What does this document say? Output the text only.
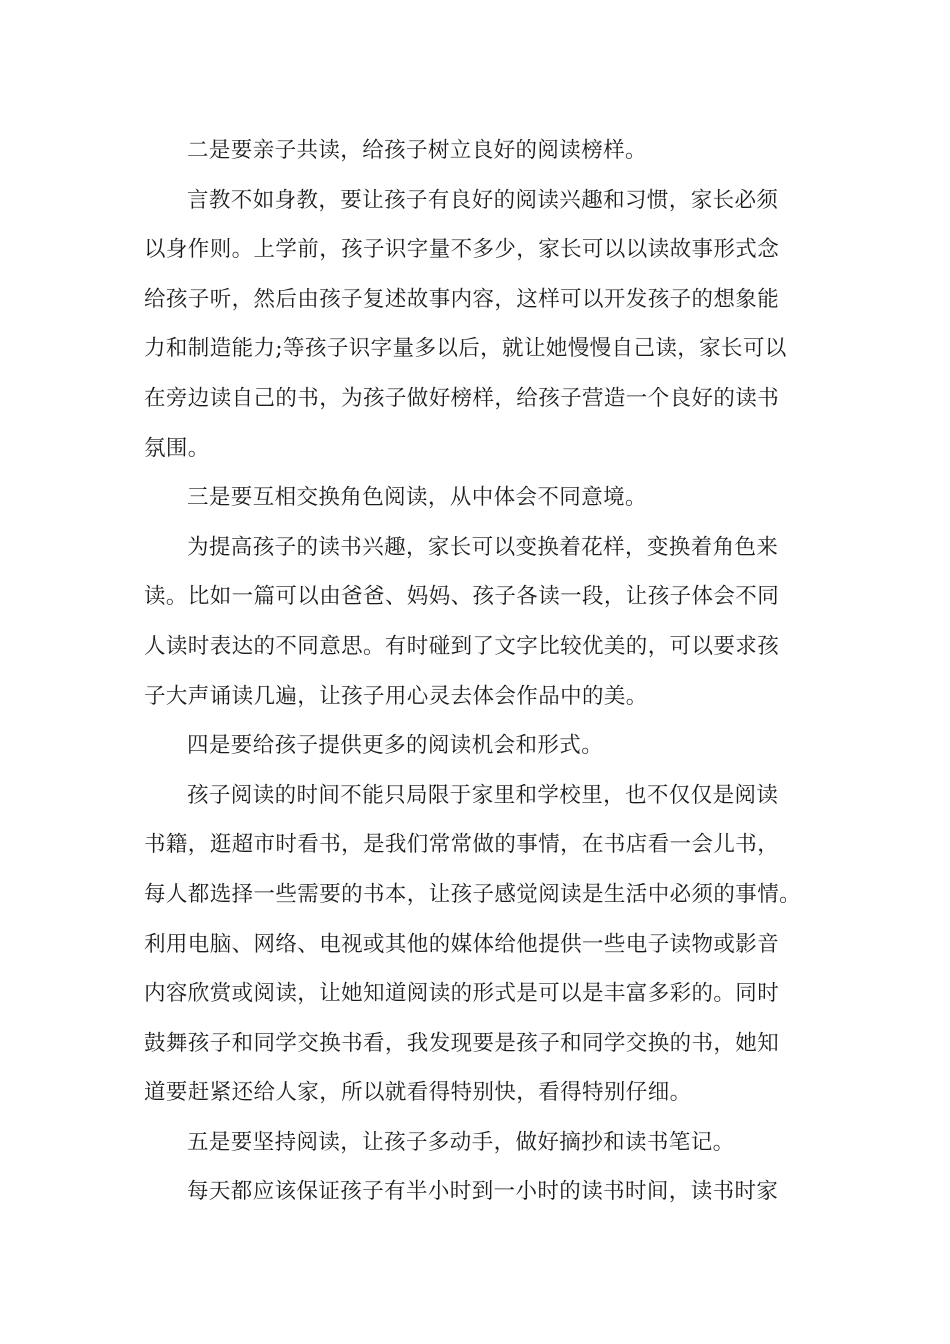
二是要亲子共读，给孩子树立良好的阅读榜样。

言教不如身教，要让孩子有良好的阅读兴趣和习惯，家长必须
以身作则。上学前，孩子识字量不多少，家长可以以读故事形式念
给孩子听，然后由孩子复述故事内容，这样可以开发孩子的想象能
力和制造能力;等孩子识字量多以后，就让她慢慢自己读，家长可以
在旁边读自己的书，为孩子做好榜样，给孩子营造一个良好的读书
氛围。

三是要互相交换角色阅读，从中体会不同意境。

为提高孩子的读书兴趣，家长可以变换着花样，变换着角色来
读。比如一篇可以由爸爸、妈妈、孩子各读一段，让孩子体会不同
人读时表达的不同意思。有时碰到了文字比较优美的，可以要求孩
子大声诵读几遍，让孩子用心灵去体会作品中的美。

四是要给孩子提供更多的阅读机会和形式。

孩子阅读的时间不能只局限于家里和学校里，也不仅仅是阅读
书籍，逛超市时看书，是我们常常做的事情，在书店看一会儿书，
每人都选择一些需要的书本，让孩子感觉阅读是生活中必须的事情。
利用电脑、网络、电视或其他的媒体给他提供一些电子读物或影音
内容欣赏或阅读，让她知道阅读的形式是可以是丰富多彩的。同时
鼓舞孩子和同学交换书看，我发现要是孩子和同学交换的书，她知
道要赶紧还给人家，所以就看得特别快，看得特别仔细。

五是要坚持阅读，让孩子多动手，做好摘抄和读书笔记。

每天都应该保证孩子有半小时到一小时的读书时间，读书时家
